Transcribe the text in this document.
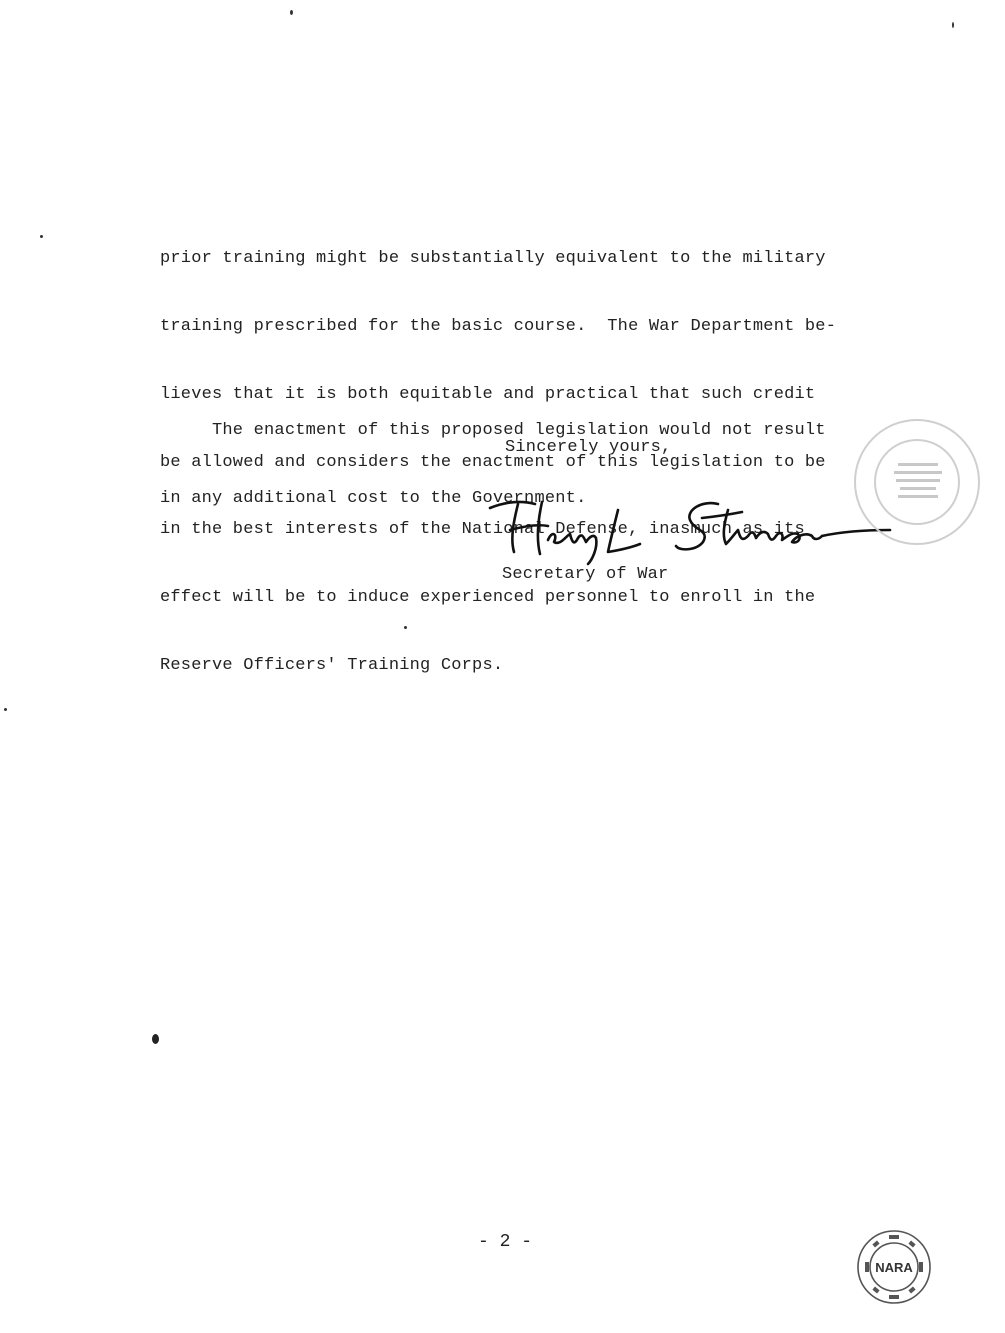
prior training might be substantially equivalent to the military

training prescribed for the basic course.  The War Department be-

lieves that it is both equitable and practical that such credit

be allowed and considers the enactment of this legislation to be

in the best interests of the National Defense, inasmuch as its

effect will be to induce experienced personnel to enroll in the

Reserve Officers' Training Corps.

The enactment of this proposed legislation would not result

in any additional cost to the Government.

Sincerely yours,
Secretary of War
- 2 -
NARA
